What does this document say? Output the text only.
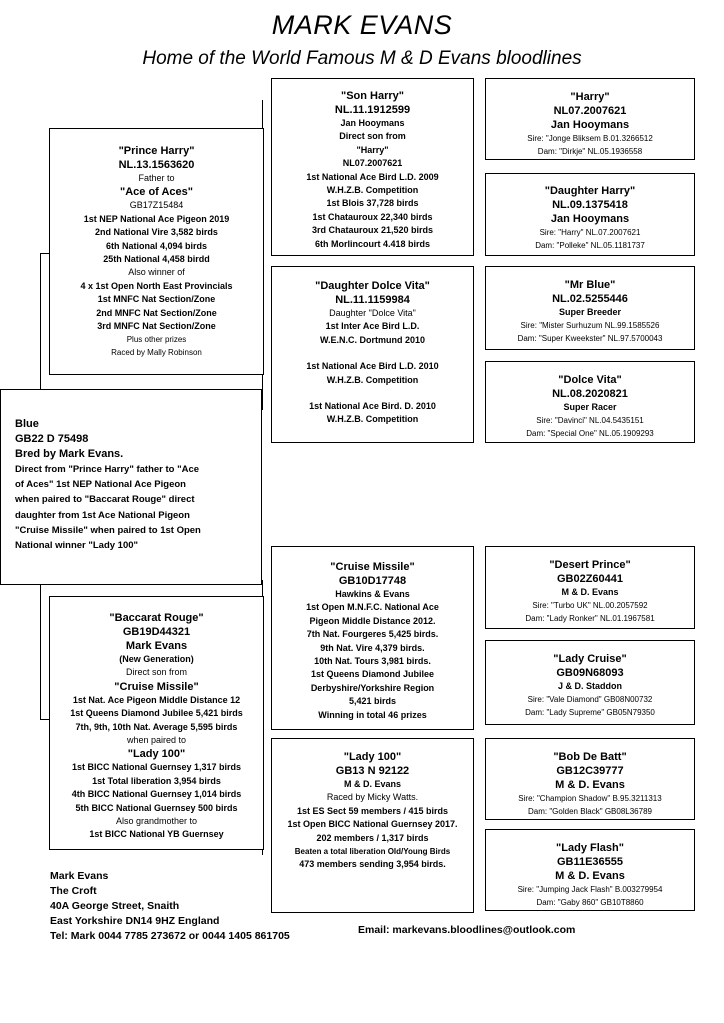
MARK EVANS
Home of the World Famous M & D Evans bloodlines
"Son Harry"
NL.11.1912599
Jan Hooymans
Direct son from
"Harry"
NL07.2007621
1st National Ace Bird L.D. 2009
W.H.Z.B. Competition
1st Blois 37,728 birds
1st Chatauroux 22,340 birds
3rd Chatauroux 21,520 birds
6th Morlincourt 4.418 birds
"Harry"
NL07.2007621
Jan Hooymans
Sire: "Jonge Bliksem B.01.3266512
Dam: "Dirkje" NL.05.1936558
"Daughter Harry"
NL.09.1375418
Jan Hooymans
Sire: "Harry" NL.07.2007621
Dam: "Polleke" NL.05.1181737
"Prince Harry"
NL.13.1563620
Father to
"Ace of Aces"
GB17Z15484
1st NEP National Ace Pigeon 2019
2nd National Vire 3,582 birds
6th National 4,094 birds
25th National 4,458 birdd
Also winner of
4 x 1st Open North East Provincials
1st MNFC Nat Section/Zone
2nd MNFC Nat Section/Zone
3rd MNFC Nat Section/Zone
Plus other prizes
Raced by Mally Robinson
"Daughter Dolce Vita"
NL.11.1159984
Daughter "Dolce Vita"
1st Inter Ace Bird L.D.
W.E.N.C. Dortmund 2010
1st National Ace Bird L.D. 2010
W.H.Z.B. Competition
1st National Ace Bird. D. 2010
W.H.Z.B. Competition
"Mr Blue"
NL.02.5255446
Super Breeder
Sire: "Mister Surhuzum NL.99.1585526
Dam: "Super Kweekster" NL.97.5700043
"Dolce Vita"
NL.08.2020821
Super Racer
Sire: "Davinci" NL.04.5435151
Dam: "Special One" NL.05.1909293
Blue
GB22 D 75498
Bred by Mark Evans.
Direct from "Prince Harry" father to "Ace
of Aces" 1st NEP National Ace Pigeon
when paired to "Baccarat Rouge" direct
daughter from 1st Ace National Pigeon
"Cruise Missile" when paired to 1st Open
National winner "Lady 100"
"Cruise Missile"
GB10D17748
Hawkins & Evans
1st Open M.N.F.C. National Ace
Pigeon Middle Distance 2012.
7th Nat. Fourgeres 5,425 birds.
9th Nat. Vire 4,379 birds.
10th Nat. Tours 3,981 birds.
1st Queens Diamond Jubilee
Derbyshire/Yorkshire Region
5,421 birds
Winning in total 46 prizes
"Desert Prince"
GB02Z60441
M & D. Evans
Sire: "Turbo UK" NL.00.2057592
Dam: "Lady Ronker" NL.01.1967581
"Lady Cruise"
GB09N68093
J & D. Staddon
Sire: "Vale Diamond" GB08N00732
Dam: "Lady Supreme" GB05N79350
"Baccarat Rouge"
GB19D44321
Mark Evans
(New Generation)
Direct son from
"Cruise Missile"
1st Nat. Ace Pigeon Middle Distance 12
1st Queens Diamond Jubilee 5,421 birds
7th, 9th, 10th Nat. Average 5,595 birds
when paired to
"Lady 100"
1st BICC National Guernsey 1,317 birds
1st Total liberation 3,954 birds
4th BICC National Guernsey 1,014 birds
5th BICC National Guernsey 500 birds
Also grandmother to
1st BICC National YB Guernsey
"Lady 100"
GB13 N 92122
M & D. Evans
Raced by Micky Watts.
1st ES Sect 59 members / 415 birds
1st Open BICC National Guernsey 2017.
202 members / 1,317 birds
Beaten a total liberation Old/Young Birds
473 members sending 3,954 birds.
"Bob De Batt"
GB12C39777
M & D. Evans
Sire: "Champion Shadow" B.95.3211313
Dam: "Golden Black" GB08L36789
"Lady Flash"
GB11E36555
M & D. Evans
Sire: "Jumping Jack Flash" B.003279954
Dam: "Gaby 860" GB10T8860
Mark Evans
The Croft
40A George Street, Snaith
East Yorkshire DN14 9HZ England
Tel: Mark 0044 7785 273672 or 0044 1405 861705	Email: markevans.bloodlines@outlook.com
